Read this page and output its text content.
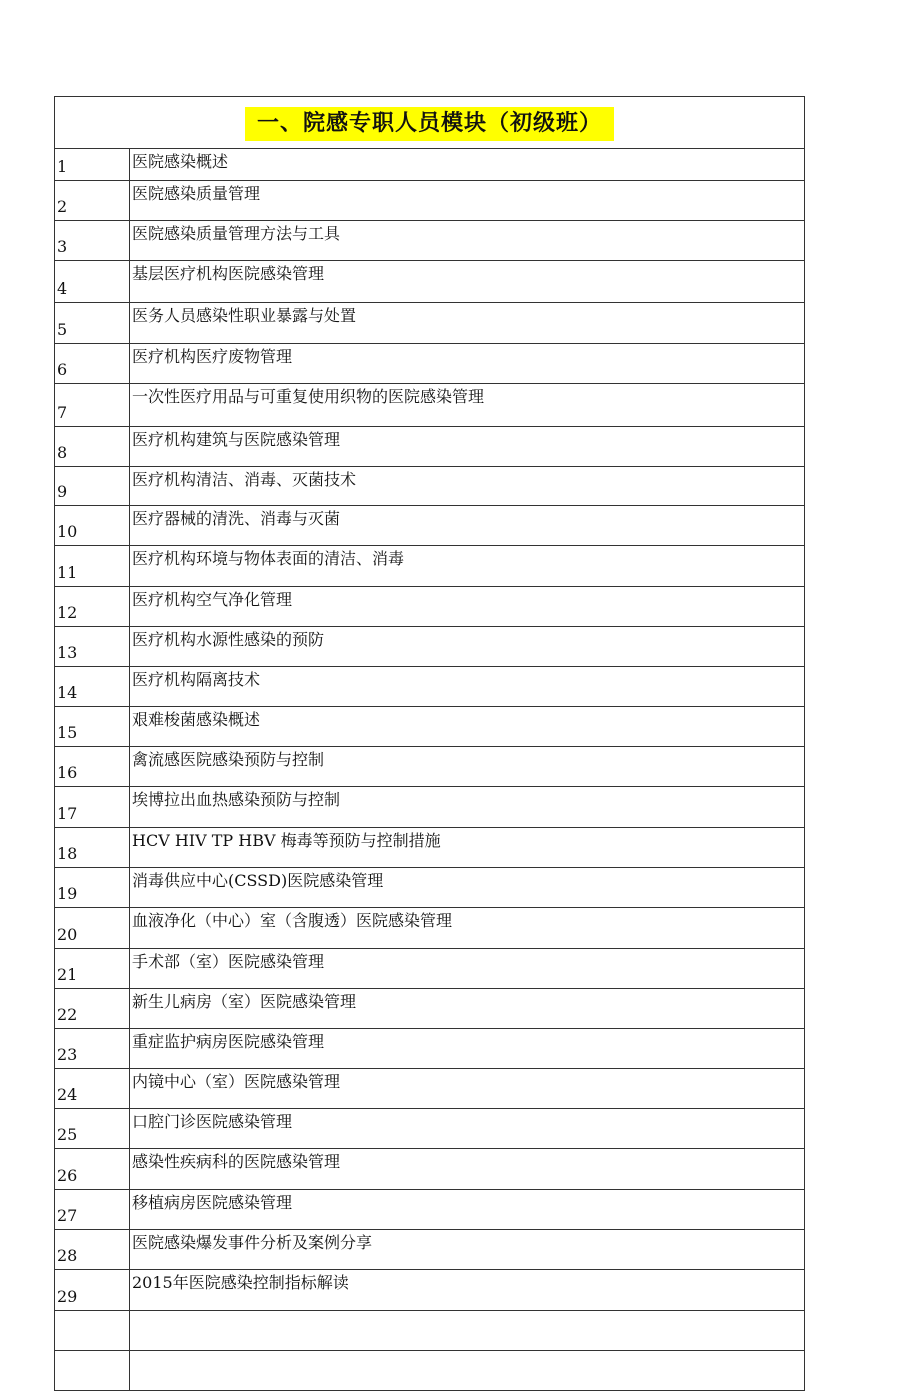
一、院感专职人员模块（初级班）	
1	医院感染概述
2	医院感染质量管理
3	医院感染质量管理方法与工具
4	基层医疗机构医院感染管理
5	医务人员感染性职业暴露与处置
6	医疗机构医疗废物管理
7	一次性医疗用品与可重复使用织物的医院感染管理
8	医疗机构建筑与医院感染管理
9	医疗机构清洁、消毒、灭菌技术
10	医疗器械的清洗、消毒与灭菌
11	医疗机构环境与物体表面的清洁、消毒
12	医疗机构空气净化管理
13	医疗机构水源性感染的预防
14	医疗机构隔离技术
15	艰难梭菌感染概述
16	禽流感医院感染预防与控制
17	埃博拉出血热感染预防与控制
18	HCV HIV TP HBV 梅毒等预防与控制措施
19	消毒供应中心(CSSD)医院感染管理
20	血液净化（中心）室（含腹透）医院感染管理
21	手术部（室）医院感染管理
22	新生儿病房（室）医院感染管理
23	重症监护病房医院感染管理
24	内镜中心（室）医院感染管理
25	口腔门诊医院感染管理
26	感染性疾病科的医院感染管理
27	移植病房医院感染管理
28	医院感染爆发事件分析及案例分享
29	2015年医院感染控制指标解读
